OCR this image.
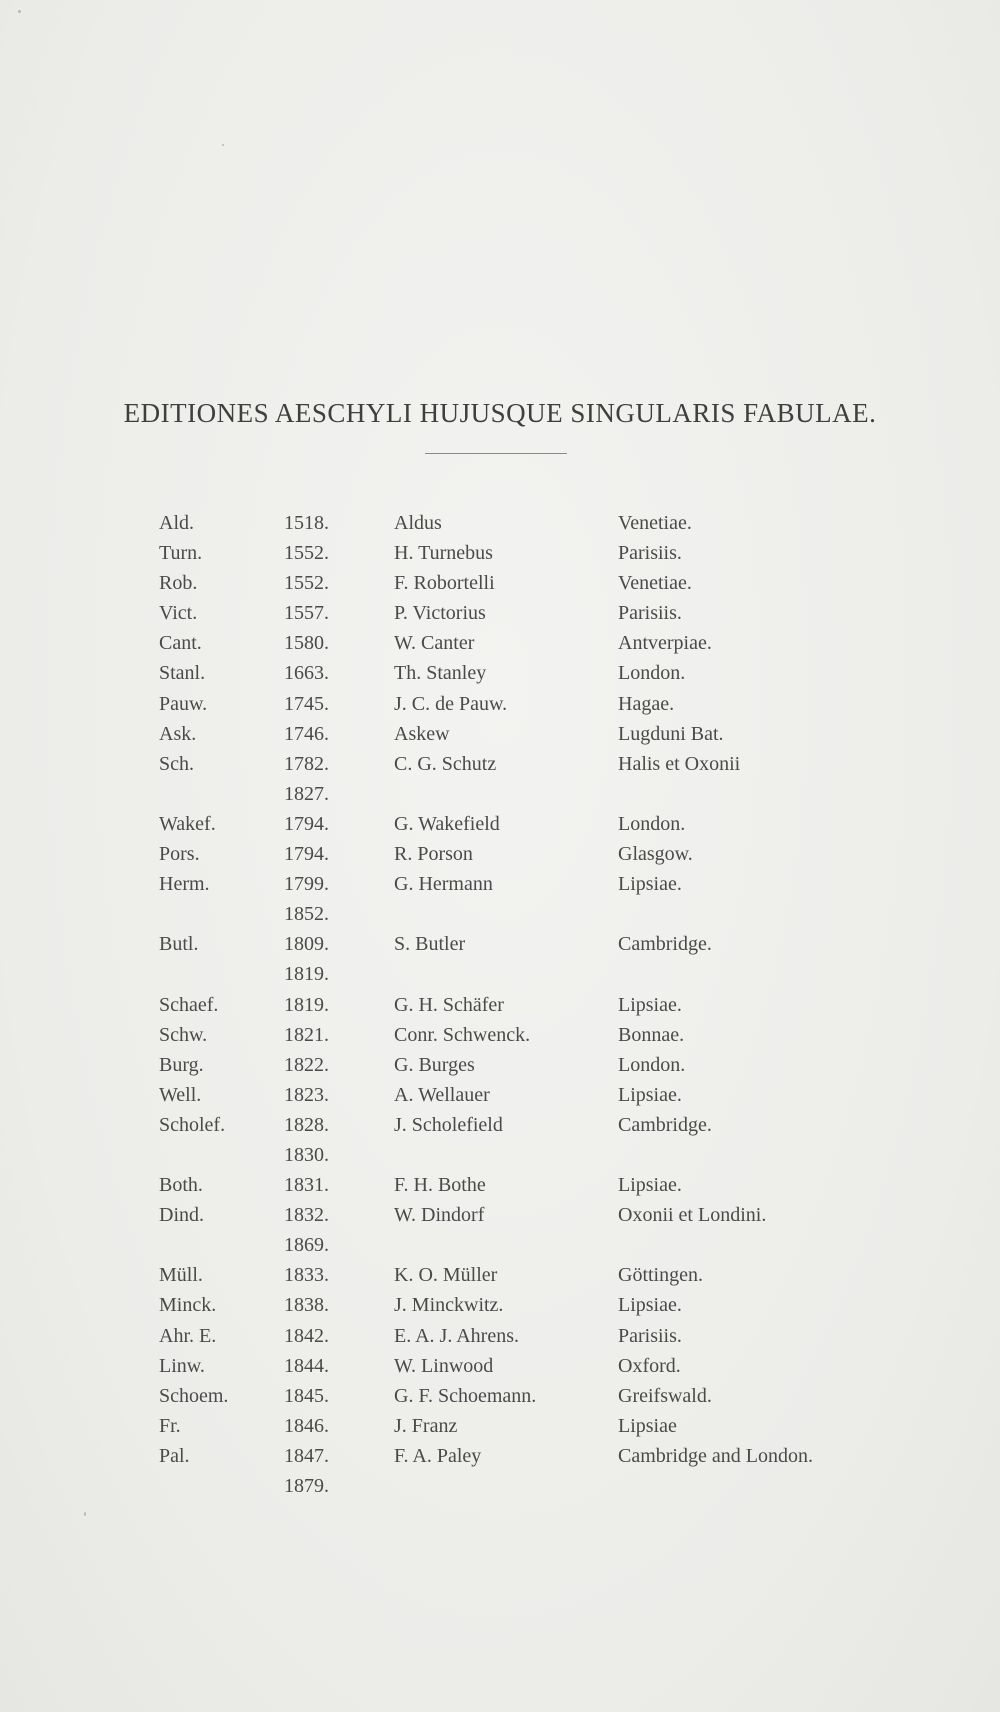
EDITIONES AESCHYLI HUJUSQUE SINGULARIS FABULAE.
Ald.	1518.	Aldus	Venetiae.
Turn.	1552.	H. Turnebus	Parisiis.
Rob.	1552.	F. Robortelli	Venetiae.
Vict.	1557.	P. Victorius	Parisiis.
Cant.	1580.	W. Canter	Antverpiae.
Stanl.	1663.	Th. Stanley	London.
Pauw.	1745.	J. C. de Pauw.	Hagae.
Ask.	1746.	Askew	Lugduni Bat.
Sch.	1782.	C. G. Schutz	Halis et Oxonii
1827.
Wakef.	1794.	G. Wakefield	London.
Pors.	1794.	R. Porson	Glasgow.
Herm.	1799.	G. Hermann	Lipsiae.
1852.
Butl.	1809.	S. Butler	Cambridge.
1819.
Schaef.	1819.	G. H. Schäfer	Lipsiae.
Schw.	1821.	Conr. Schwenck.	Bonnae.
Burg.	1822.	G. Burges	London.
Well.	1823.	A. Wellauer	Lipsiae.
Scholef.	1828.	J. Scholefield	Cambridge.
1830.
Both.	1831.	F. H. Bothe	Lipsiae.
Dind.	1832.	W. Dindorf	Oxonii et Londini.
1869.
Müll.	1833.	K. O. Müller	Göttingen.
Minck.	1838.	J. Minckwitz.	Lipsiae.
Ahr. E.	1842.	E. A. J. Ahrens.	Parisiis.
Linw.	1844.	W. Linwood	Oxford.
Schoem.	1845.	G. F. Schoemann.	Greifswald.
Fr.	1846.	J. Franz	Lipsiae
Pal.	1847.	F. A. Paley	Cambridge and London.
1879.
